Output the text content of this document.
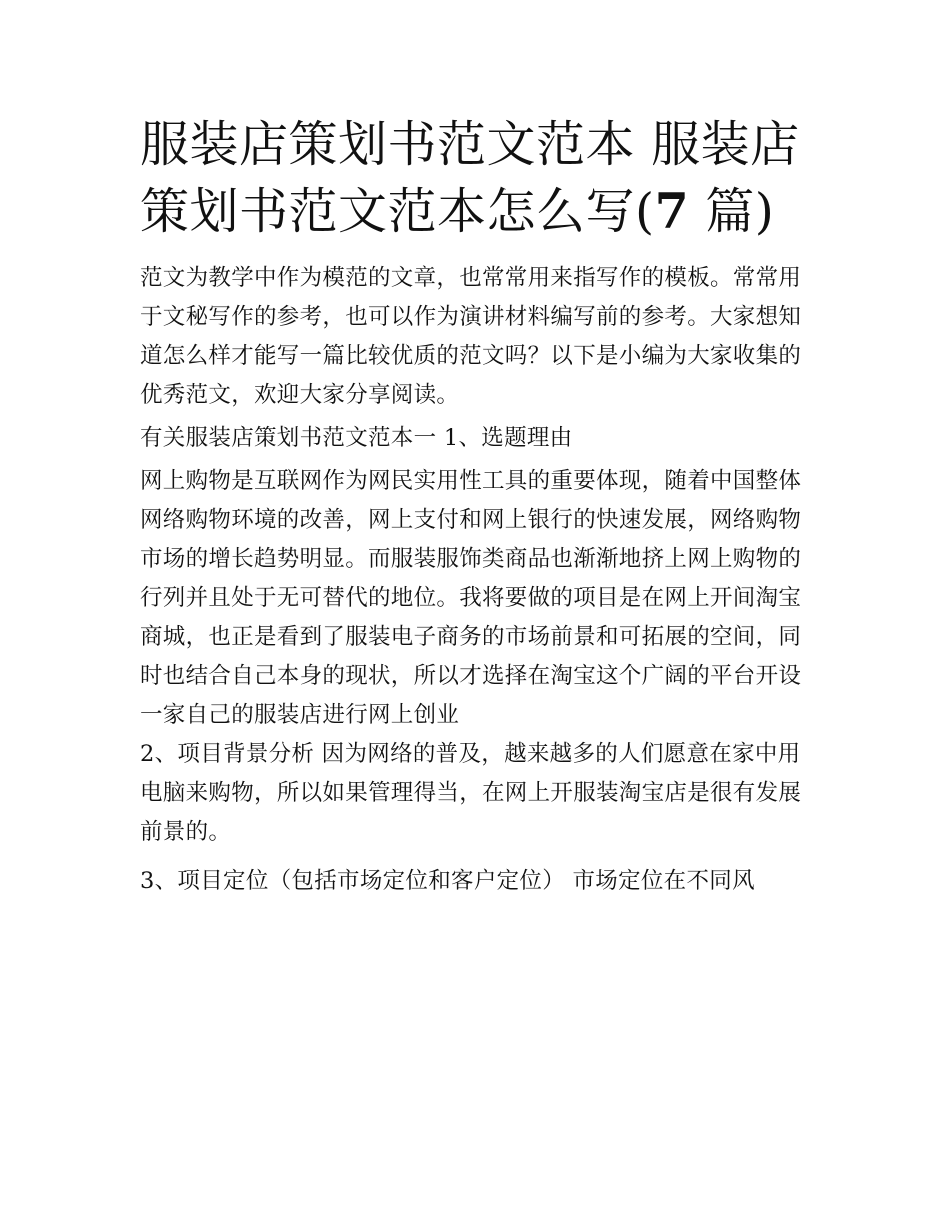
服装店策划书范文范本 服装店
策划书范文范本怎么写(7 篇)

范文为教学中作为模范的文章，也常常用来指写作的模板。常常用于文秘写作的参考，也可以作为演讲材料编写前的参考。大家想知道怎么样才能写一篇比较优质的范文吗？以下是小编为大家收集的优秀范文，欢迎大家分享阅读。

有关服装店策划书范文范本一 1、选题理由

网上购物是互联网作为网民实用性工具的重要体现，随着中国整体网络购物环境的改善，网上支付和网上银行的快速发展，网络购物市场的增长趋势明显。而服装服饰类商品也渐渐地挤上网上购物的行列并且处于无可替代的地位。我将要做的项目是在网上开间淘宝商城，也正是看到了服装电子商务的市场前景和可拓展的空间，同时也结合自己本身的现状，所以才选择在淘宝这个广阔的平台开设一家自己的服装店进行网上创业

2、项目背景分析 因为网络的普及，越来越多的人们愿意在家中用电脑来购物，所以如果管理得当，在网上开服装淘宝店是很有发展前景的。

3、项目定位（包括市场定位和客户定位） 市场定位在不同风
